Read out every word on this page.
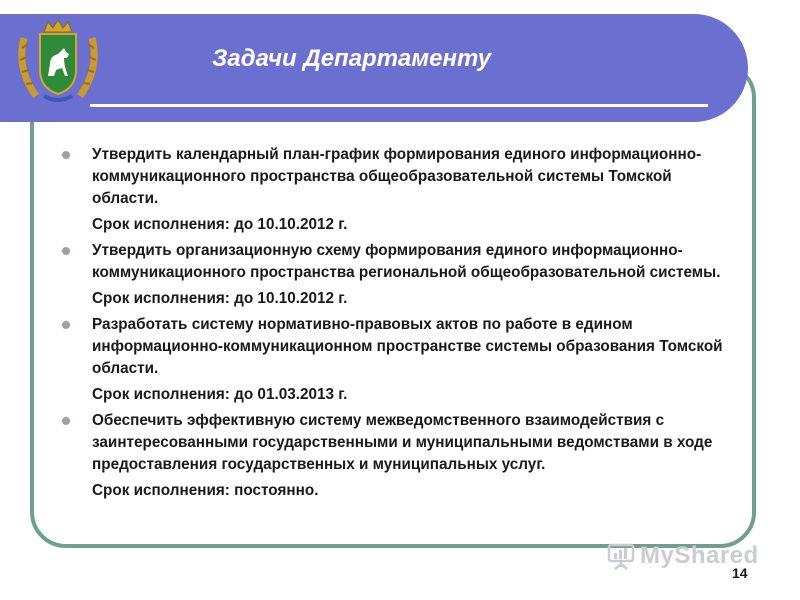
Задачи Департаменту
Утвердить календарный план-график формирования единого информационно-коммуникационного пространства общеобразовательной системы Томской области.
Срок исполнения: до 10.10.2012 г.
Утвердить организационную схему формирования единого информационно-коммуникационного пространства региональной общеобразовательной системы.
Срок исполнения: до 10.10.2012 г.
Разработать систему нормативно-правовых актов по работе в едином информационно-коммуникационном пространстве системы образования Томской области.
Срок исполнения: до 01.03.2013 г.
Обеспечить эффективную систему межведомственного взаимодействия с заинтересованными государственными и муниципальными ведомствами в ходе предоставления государственных и муниципальных услуг.
Срок исполнения: постоянно.
MyShared
14
